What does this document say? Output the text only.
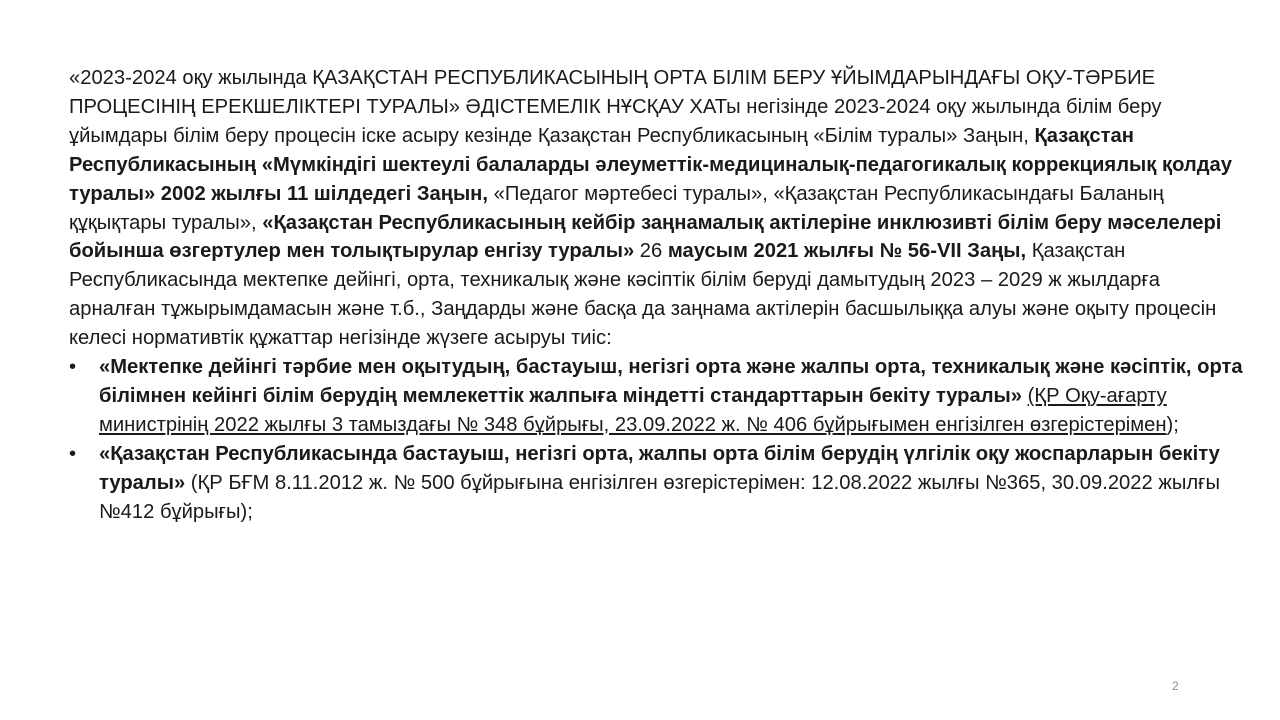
«2023-2024 оқу жылында ҚАЗАҚСТАН РЕСПУБЛИКАСЫНЫҢ ОРТА БІЛІМ БЕРУ ҰЙЫМДАРЫНДАҒЫ ОҚУ-ТӘРБИЕ ПРОЦЕСІНІҢ ЕРЕКШЕЛІКТЕРІ ТУРАЛЫ» ӘДІСТЕМЕЛІК НҰСҚАУ ХАТы негізінде 2023-2024 оқу жылында білім беру ұйымдары білім беру процесін іске асыру кезінде Қазақстан Республикасының «Білім туралы» Заңын, Қазақстан Республикасының «Мүмкіндігі шектеулі балаларды әлеуметтік-медициналық-педагогикалық коррекциялық қолдау туралы» 2002 жылғы 11 шілдедегі Заңын, «Педагог мәртебесі туралы», «Қазақстан Республикасындағы Баланың құқықтары туралы», «Қазақстан Республикасының кейбір заңнамалық актілеріне инклюзивті білім беру мәселелері бойынша өзгертулер мен толықтырулар енгізу туралы» 26 маусым 2021 жылғы № 56-VII Заңы, Қазақстан Республикасында мектепке дейінгі, орта, техникалық және кәсіптік білім беруді дамытудың 2023 – 2029 ж жылдарға арналған тұжырымдамасын және т.б., Заңдарды және басқа да заңнама актілерін басшылыққа алуы және оқыту процесін келесі нормативтік құжаттар негізінде жүзеге асыруы тиіс:

• «Мектепке дейінгі тәрбие мен оқытудың, бастауыш, негізгі орта және жалпы орта, техникалық және кәсіптік, орта білімнен кейінгі білім берудің мемлекеттік жалпыға міндетті стандарттарын бекіту туралы» (ҚР Оқу-ағарту министрінің 2022 жылғы 3 тамыздағы № 348 бұйрығы, 23.09.2022 ж. № 406 бұйрығымен енгізілген өзгерістерімен);
• «Қазақстан Республикасында бастауыш, негізгі орта, жалпы орта білім берудің үлгілік оқу жоспарларын бекіту туралы» (ҚР БҒМ 8.11.2012 ж. № 500 бұйрығына енгізілген өзгерістерімен: 12.08.2022 жылғы №365, 30.09.2022 жылғы №412 бұйрығы);
2
